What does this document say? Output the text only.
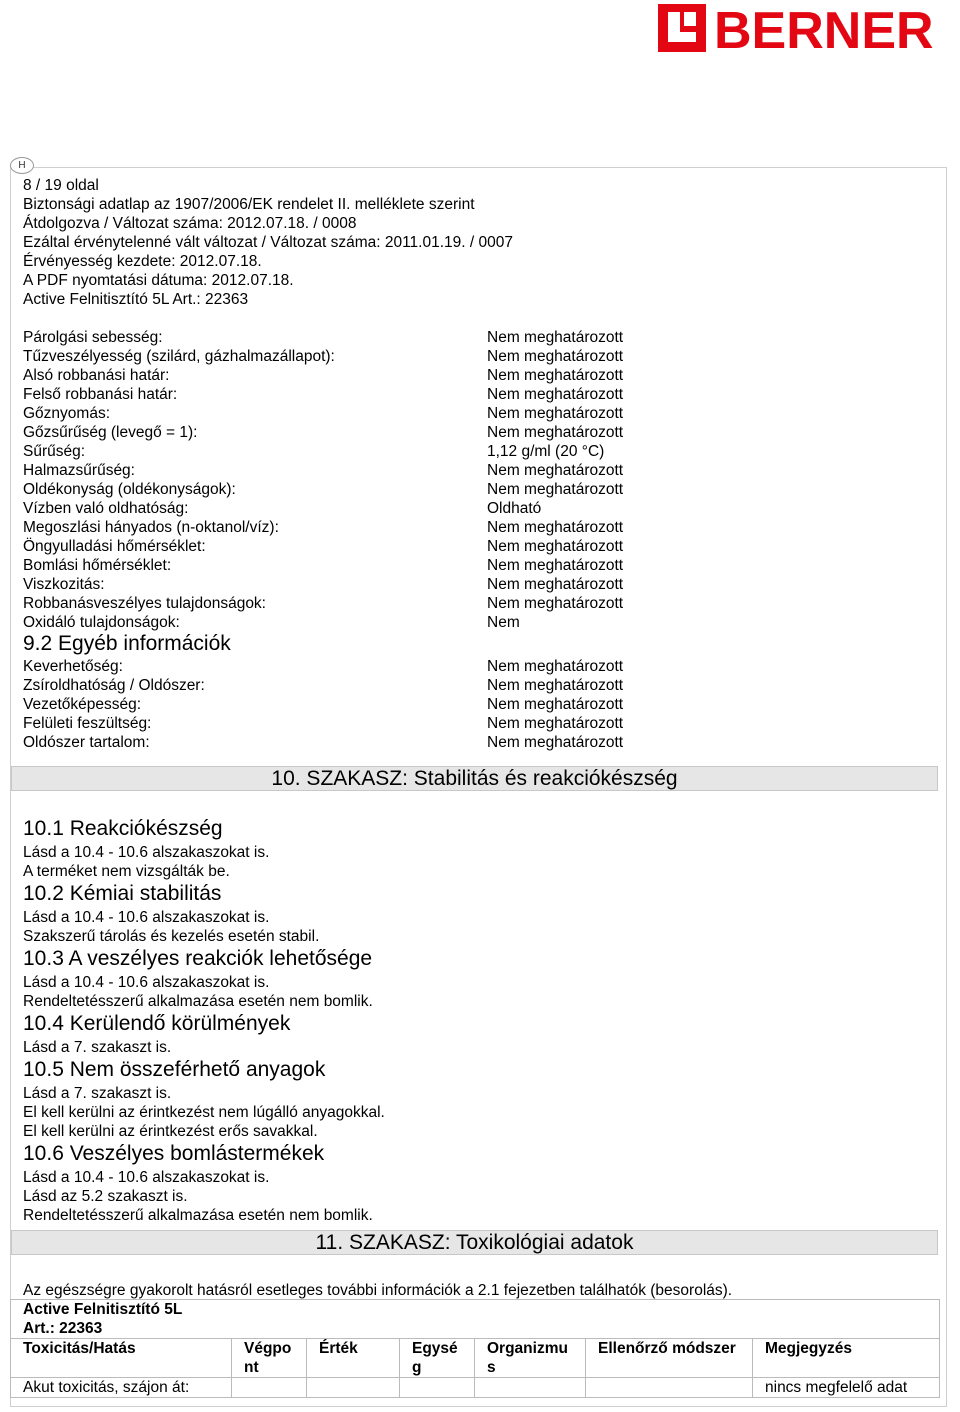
BERNER
H
8 / 19 oldal
Biztonsági adatlap az 1907/2006/EK rendelet II. melléklete szerint
Átdolgozva / Változat száma: 2012.07.18. / 0008
Ezáltal érvénytelenné vált változat / Változat száma: 2011.01.19. / 0007
Érvényesség kezdete: 2012.07.18.
A PDF nyomtatási dátuma: 2012.07.18.
Active Felnitisztító 5L Art.: 22363
Párolgási sebesség:	Nem meghatározott
Tűzveszélyesség (szilárd, gázhalmazállapot):	Nem meghatározott
Alsó robbanási határ:	Nem meghatározott
Felső robbanási határ:	Nem meghatározott
Gőznyomás:	Nem meghatározott
Gőzsűrűség (levegő = 1):	Nem meghatározott
Sűrűség:	1,12 g/ml (20 °C)
Halmazsűrűség:	Nem meghatározott
Oldékonyság (oldékonyságok):	Nem meghatározott
Vízben való oldhatóság:	Oldható
Megoszlási hányados (n-oktanol/víz):	Nem meghatározott
Öngyulladási hőmérséklet:	Nem meghatározott
Bomlási hőmérséklet:	Nem meghatározott
Viszkozitás:	Nem meghatározott
Robbanásveszélyes tulajdonságok:	Nem meghatározott
Oxidáló tulajdonságok:	Nem
9.2 Egyéb információk
Keverhetőség:	Nem meghatározott
Zsíroldhatóság / Oldószer:	Nem meghatározott
Vezetőképesség:	Nem meghatározott
Felületi feszültség:	Nem meghatározott
Oldószer tartalom:	Nem meghatározott
10. SZAKASZ: Stabilitás és reakciókészség
10.1 Reakciókészség
Lásd a 10.4 - 10.6 alszakaszokat is.
A terméket nem vizsgálták be.
10.2 Kémiai stabilitás
Lásd a 10.4 - 10.6 alszakaszokat is.
Szakszerű tárolás és kezelés esetén stabil.
10.3 A veszélyes reakciók lehetősége
Lásd a 10.4 - 10.6 alszakaszokat is.
Rendeltetésszerű alkalmazása esetén nem bomlik.
10.4 Kerülendő körülmények
Lásd a 7. szakaszt is.
10.5 Nem összeférhető anyagok
Lásd a 7. szakaszt is.
El kell kerülni az érintkezést nem lúgálló anyagokkal.
El kell kerülni az érintkezést erős savakkal.
10.6 Veszélyes bomlástermékek
Lásd a 10.4 - 10.6 alszakaszokat is.
Lásd az 5.2 szakaszt is.
Rendeltetésszerű alkalmazása esetén nem bomlik.
11. SZAKASZ: Toxikológiai adatok
Az egészségre gyakorolt hatásról esetleges további információk a 2.1 fejezetben találhatók (besorolás).
Active Felnitisztító 5L
Art.: 22363						

Toxicitás/Hatás	Végpo nt	Érték	Egysé g	Organizmu s	Ellenőrző módszer	Megjegyzés
Akut toxicitás, szájon át:						nincs megfelelő adat
